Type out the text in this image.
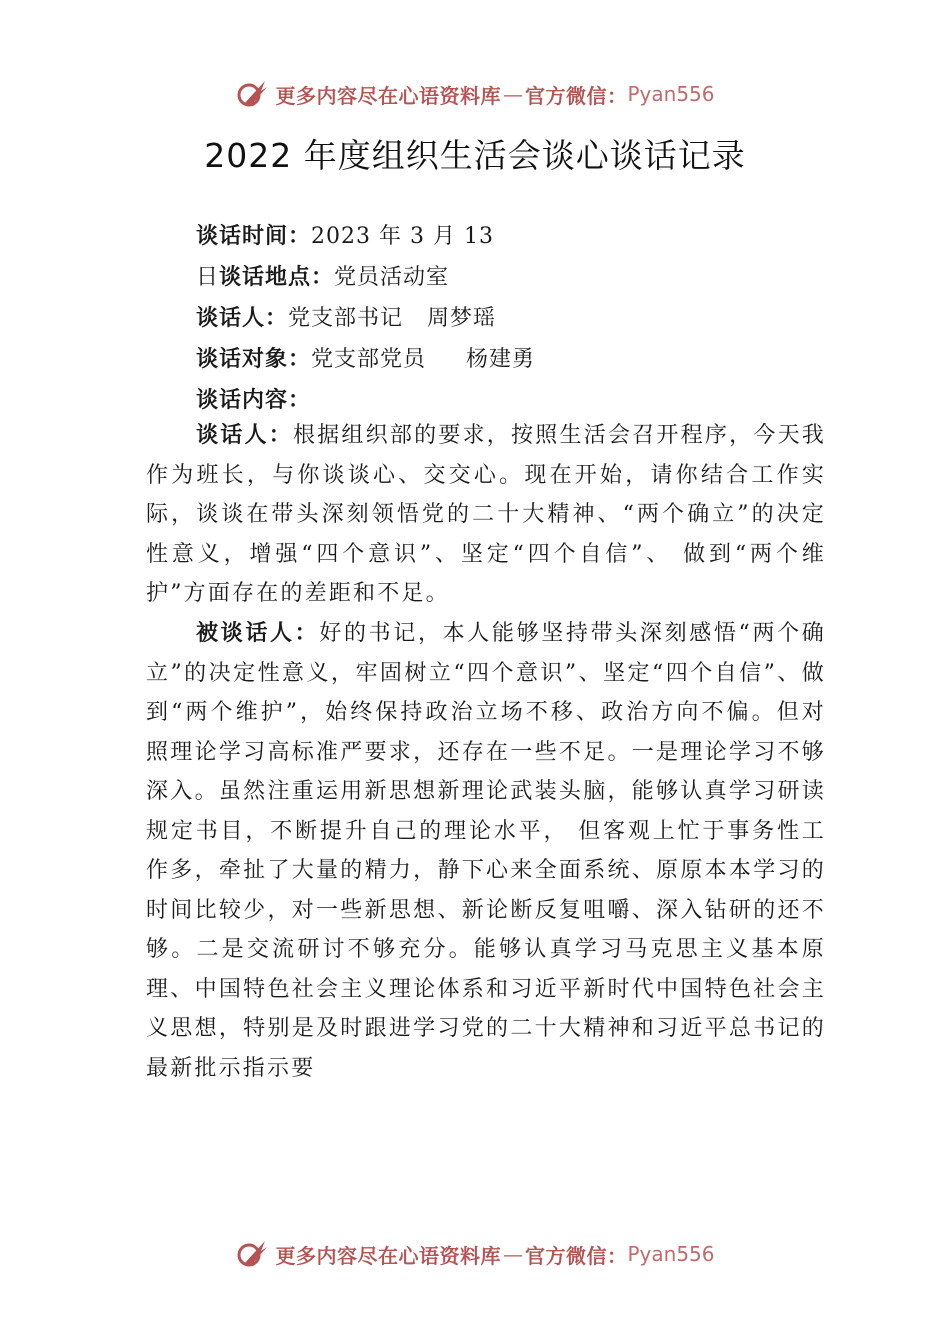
更多内容尽在心语资料库 — 官方微信： Pyan556
2022 年度组织生活会谈心谈话记录
谈话时间：2023 年 3 月 13
日谈话地点：党员活动室
谈话人：党支部书记   周梦瑶
谈话对象：党支部党员     杨建勇
谈话内容：

谈话人：根据组织部的要求，按照生活会召开程序，今天我作为班长，与你谈谈心、交交心。现在开始，请你结合工作实际，谈谈在带头深刻领悟党的二十大精神、“两个确立”的决定性意义，增强“四个意识”、坚定“四个自信”、 做到“两个维护”方面存在的差距和不足。

被谈话人：好的书记，本人能够坚持带头深刻感悟“两个确立”的决定性意义，牢固树立“四个意识”、坚定“四个自信”、做到“两个维护”，始终保持政治立场不移、政治方向不偏。但对照理论学习高标准严要求，还存在一些不足。一是理论学习不够深入。虽然注重运用新思想新理论武装头脑，能够认真学习研读规定书目，不断提升自己的理论水平， 但客观上忙于事务性工作多，牵扯了大量的精力，静下心来全面系统、原原本本学习的时间比较少，对一些新思想、新论断反复咀嚼、深入钻研的还不够。二是交流研讨不够充分。能够认真学习马克思主义基本原理、中国特色社会主义理论体系和习近平新时代中国特色社会主义思想，特别是及时跟进学习党的二十大精神和习近平总书记的最新批示指示要

更多内容尽在心语资料库 — 官方微信： Pyan556
